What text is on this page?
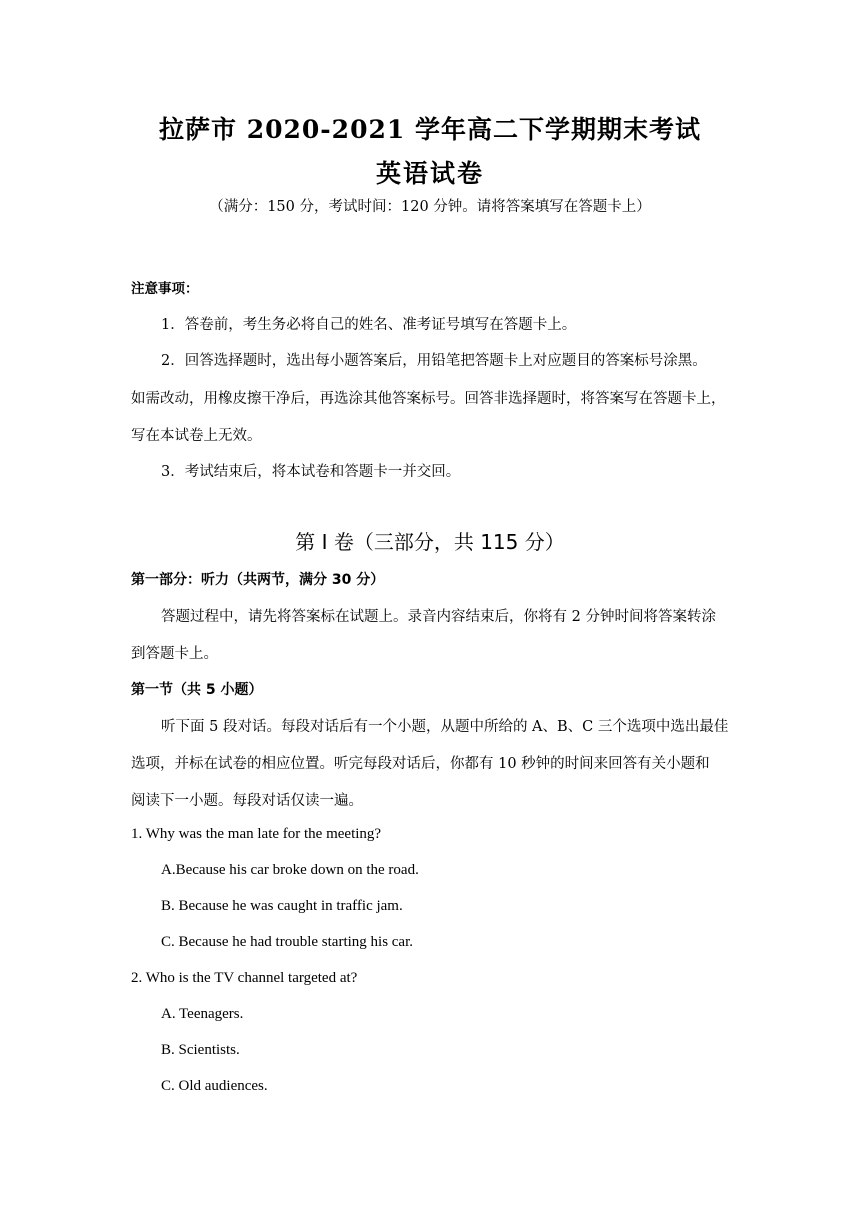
拉萨市 2020-2021 学年高二下学期期末考试
英语试卷
（满分：150 分，考试时间：120 分钟。请将答案填写在答题卡上）
注意事项：
1．答卷前，考生务必将自己的姓名、准考证号填写在答题卡上。
2．回答选择题时，选出每小题答案后，用铅笔把答题卡上对应题目的答案标号涂黑。
如需改动，用橡皮擦干净后，再选涂其他答案标号。回答非选择题时，将答案写在答题卡上，
写在本试卷上无效。
3．考试结束后，将本试卷和答题卡一并交回。
第 I 卷（三部分，共 115 分）
第一部分：听力（共两节，满分 30 分）
答题过程中，请先将答案标在试题上。录音内容结束后，你将有 2 分钟时间将答案转涂
到答题卡上。
第一节（共 5 小题）
听下面 5 段对话。每段对话后有一个小题，从题中所给的 A、B、C 三个选项中选出最佳
选项，并标在试卷的相应位置。听完每段对话后，你都有 10 秒钟的时间来回答有关小题和
阅读下一小题。每段对话仅读一遍。
1. Why was the man late for the meeting?
A.Because his car broke down on the road.
B. Because he was caught in traffic jam.
C. Because he had trouble starting his car.
2. Who is the TV channel targeted at?
A. Teenagers.
B. Scientists.
C. Old audiences.
